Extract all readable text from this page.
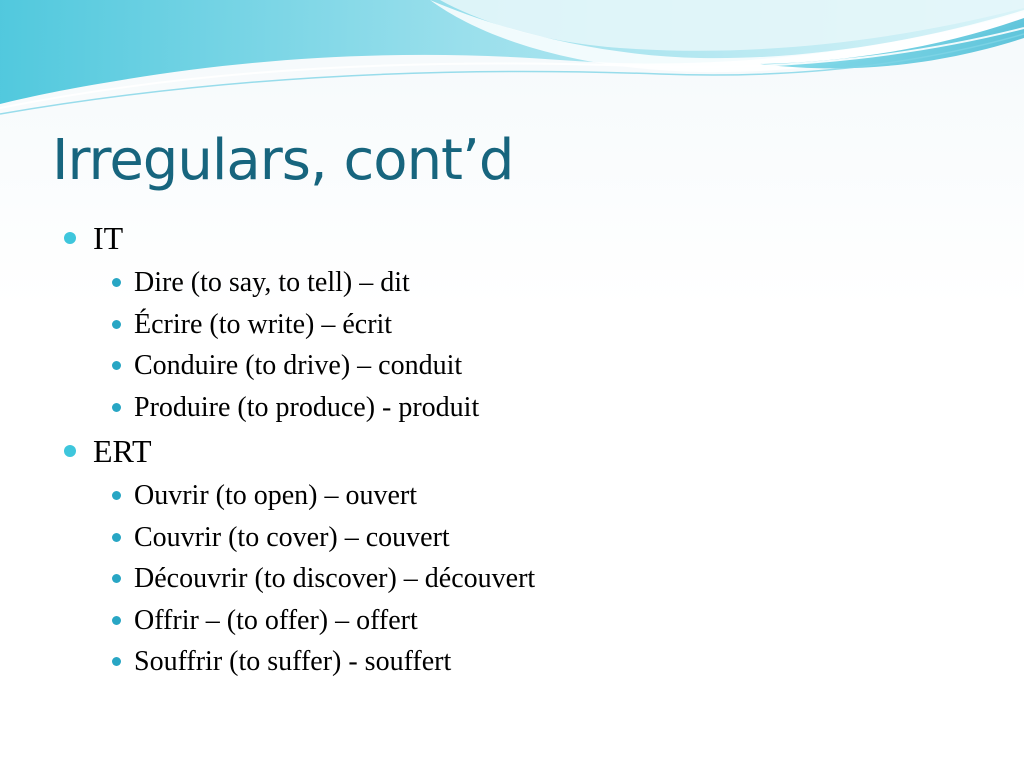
Irregulars, cont’d
IT
Dire (to say, to tell) – dit
Écrire (to write) – écrit
Conduire (to drive) – conduit
Produire (to produce) - produit
ERT
Ouvrir (to open) – ouvert
Couvrir (to cover) – couvert
Découvrir (to discover) – découvert
Offrir – (to offer) – offert
Souffrir (to suffer) - souffert
